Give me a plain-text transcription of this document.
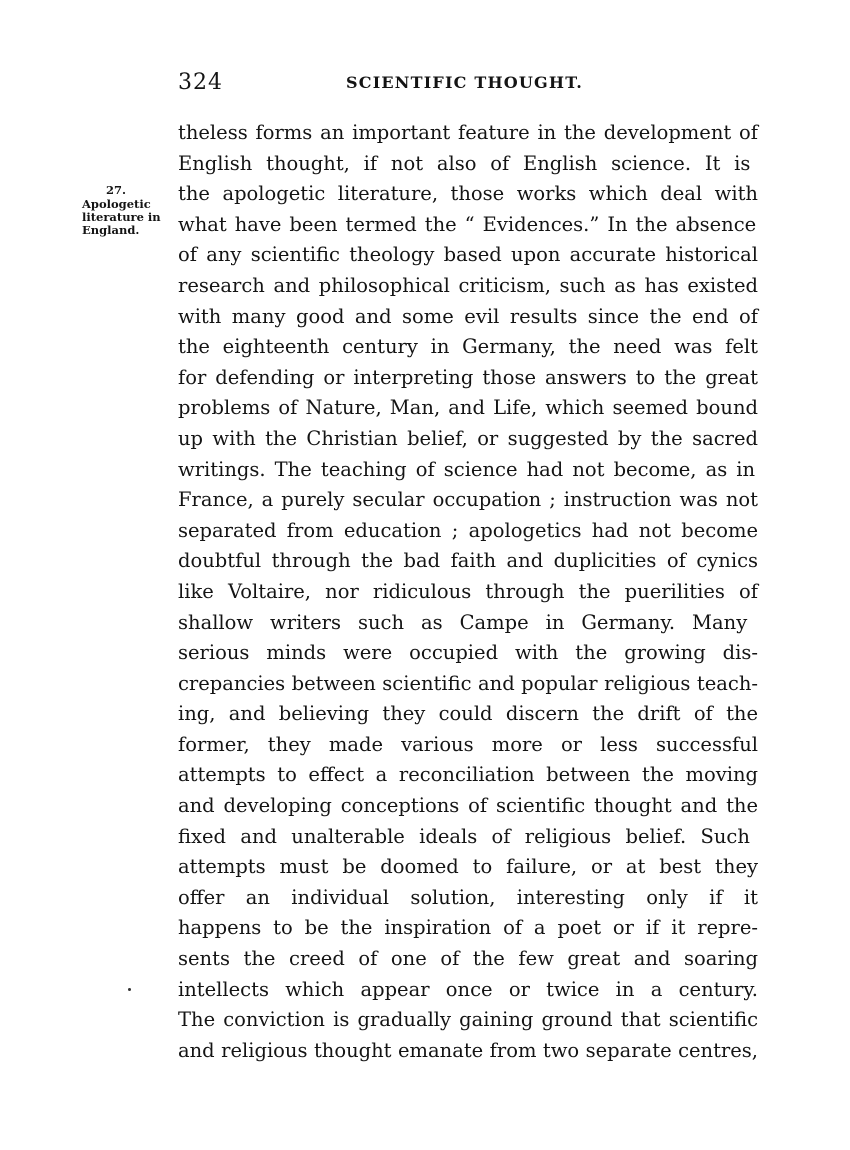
324	SCIENTIFIC THOUGHT.
27.
Apologetic
literature in
England.
theless forms an important feature in the development of
English thought, if not also of English science. It is
the apologetic literature, those works which deal with
what have been termed the “ Evidences.” In the absence
of any scientific theology based upon accurate historical
research and philosophical criticism, such as has existed
with many good and some evil results since the end of
the eighteenth century in Germany, the need was felt
for defending or interpreting those answers to the great
problems of Nature, Man, and Life, which seemed bound
up with the Christian belief, or suggested by the sacred
writings. The teaching of science had not become, as in
France, a purely secular occupation ; instruction was not
separated from education ; apologetics had not become
doubtful through the bad faith and duplicities of cynics
like Voltaire, nor ridiculous through the puerilities of
shallow writers such as Campe in Germany. Many
serious minds were occupied with the growing dis-
crepancies between scientific and popular religious teach-
ing, and believing they could discern the drift of the
former, they made various more or less successful
attempts to effect a reconciliation between the moving
and developing conceptions of scientific thought and the
fixed and unalterable ideals of religious belief. Such
attempts must be doomed to failure, or at best they
offer an individual solution, interesting only if it
happens to be the inspiration of a poet or if it repre-
sents the creed of one of the few great and soaring
intellects which appear once or twice in a century.
The conviction is gradually gaining ground that scientific
and religious thought emanate from two separate centres,
